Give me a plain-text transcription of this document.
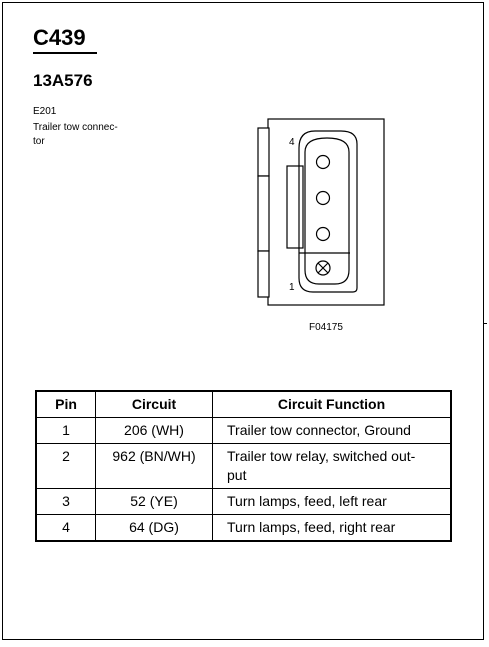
C439
13A576
E201
Trailer tow connec-
tor	4
1
F04175
Pin	Circuit	Circuit Function
1	206 (WH)	Trailer tow connector, Ground
2	962 (BN/WH)	Trailer tow relay, switched out-
put
3	52 (YE)	Turn lamps, feed, left rear
4	64 (DG)	Turn lamps, feed, right rear
